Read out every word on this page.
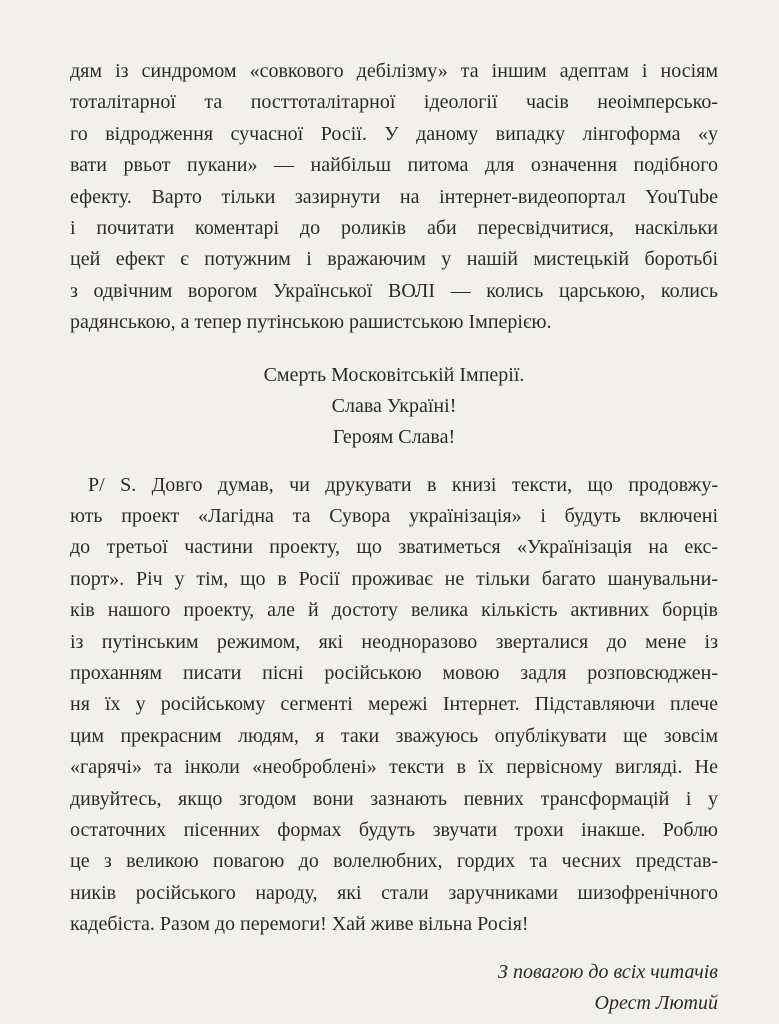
дям із синдромом «совкового дебілізму» та іншим адептам і носіям
тоталітарної та посттоталітарної ідеології часів неоімперсько-
го відродження сучасної Росії. У даному випадку лінгоформа «у
вати рвьот пукани» — найбільш питома для означення подібного
ефекту. Варто тільки зазирнути на інтернет-видеопортал YouTube
і почитати коментарі до роликів аби пересвідчитися, наскільки
цей ефект є потужним і вражаючим у нашій мистецькій боротьбі
з одвічним ворогом Української ВОЛІ — колись царською, колись
радянською, а тепер путінською рашистською Імперією.
Смерть Московітській Імперії.
Слава Україні!
Героям Слава!
P/ S. Довго думав, чи друкувати в книзі тексти, що продовжу-
ють проект «Лагідна та Сувора українізація» і будуть включені
до третьої частини проекту, що зватиметься «Українізація на екс-
порт». Річ у тім, що в Росії проживає не тільки багато шанувальни-
ків нашого проекту, але й достоту велика кількість активних борців
із путінським режимом, які неодноразово зверталися до мене із
проханням писати пісні російською мовою задля розповсюджен-
ня їх у російському сегменті мережі Інтернет. Підставляючи плече
цим прекрасним людям, я таки зважуюсь опублікувати ще зовсім
«гарячі» та інколи «необроблені» тексти в їх первісному вигляді. Не
дивуйтесь, якщо згодом вони зазнають певних трансформацій і у
остаточних пісенних формах будуть звучати трохи інакше. Роблю
це з великою повагою до волелюбних, гордих та чесних представ-
ників російського народу, які стали заручниками шизофренічного
кадебіста. Разом до перемоги! Хай живе вільна Росія!
З повагою до всіх читачів
Орест Лютий
